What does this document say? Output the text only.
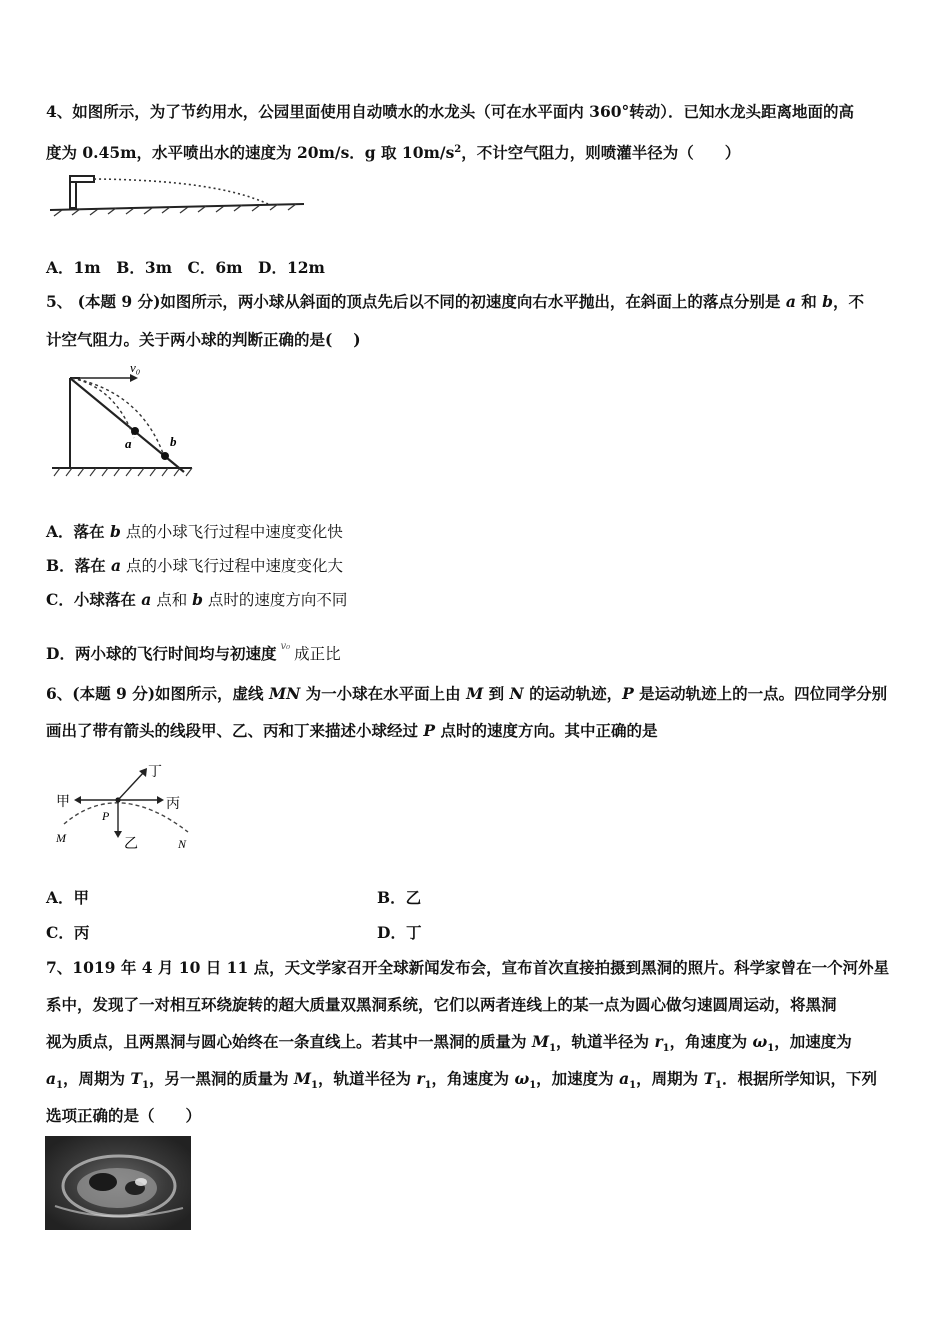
4、如图所示，为了节约用水，公园里面使用自动喷水的水龙头（可在水平面内 360°转动）．已知水龙头距离地面的高
度为 0.45m，水平喷出水的速度为 20m/s．g 取 $10m/s^2$，不计空气阻力，则喷灌半径为（　　）
A．1m　B．3m　C．6m　D．12m
5、 (本题 9 分)如图所示，两小球从斜面的顶点先后以不同的初速度向右水平抛出，在斜面上的落点分别是 a 和 b，不
计空气阻力。关于两小球的判断正确的是(　 )
v₀
a	b
A．落在 b 点的小球飞行过程中速度变化快
B．落在 a 点的小球飞行过程中速度变化大
C．小球落在 a 点和 b 点时的速度方向不同
D．两小球的飞行时间均与初速度 $^{v_0}$ 成正比
6、(本题 9 分)如图所示，虚线 MN 为一小球在水平面上由 M 到 N 的运动轨迹，P 是运动轨迹上的一点。四位同学分别
画出了带有箭头的线段甲、乙、丙和丁来描述小球经过 P 点时的速度方向。其中正确的是
甲	丙
乙
丁
P
M	N
A．甲	B．乙
C．丙	D．丁
7、1019 年 4 月 10 日 11 点，天文学家召开全球新闻发布会，宣布首次直接拍摄到黑洞的照片。科学家曾在一个河外星
系中，发现了一对相互环绕旋转的超大质量双黑洞系统，它们以两者连线上的某一点为圆心做匀速圆周运动，将黑洞
视为质点，且两黑洞与圆心始终在一条直线上。若其中一黑洞的质量为 $M_1$，轨道半径为 $r_1$，角速度为 $\omega_1$，加速度为
$a_1$，周期为 $T_1$，另一黑洞的质量为 $M_1$，轨道半径为 $r_1$，角速度为 $\omega_1$，加速度为 $a_1$，周期为 $T_1$．根据所学知识，下列
选项正确的是（　　）
